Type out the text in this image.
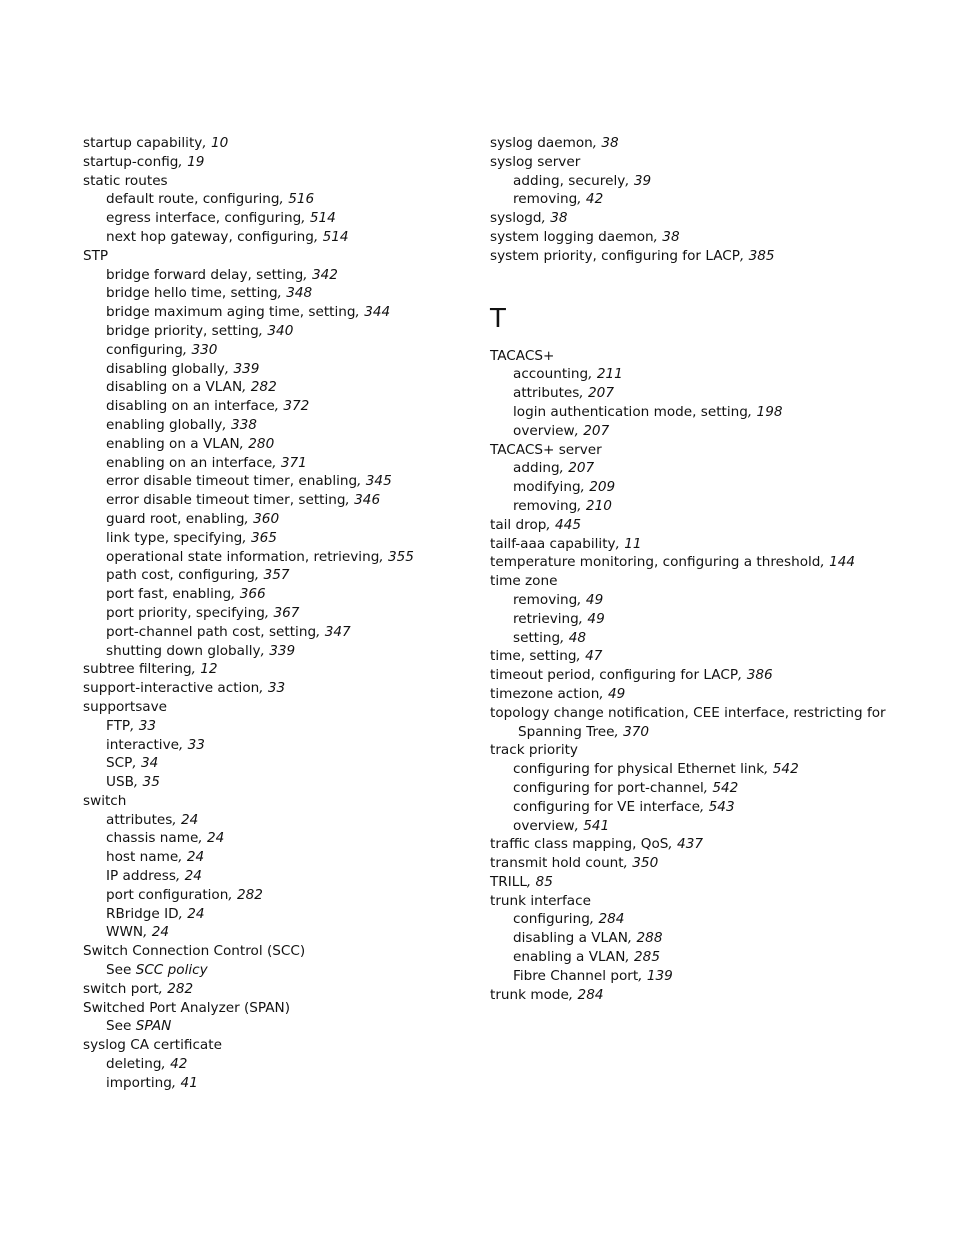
startup capability, 10
startup-config, 19
static routes
default route, configuring, 516
egress interface, configuring, 514
next hop gateway, configuring, 514
STP
bridge forward delay, setting, 342
bridge hello time, setting, 348
bridge maximum aging time, setting, 344
bridge priority, setting, 340
configuring, 330
disabling globally, 339
disabling on a VLAN, 282
disabling on an interface, 372
enabling globally, 338
enabling on a VLAN, 280
enabling on an interface, 371
error disable timeout timer, enabling, 345
error disable timeout timer, setting, 346
guard root, enabling, 360
link type, specifying, 365
operational state information, retrieving, 355
path cost, configuring, 357
port fast, enabling, 366
port priority, specifying, 367
port-channel path cost, setting, 347
shutting down globally, 339
subtree filtering, 12
support-interactive action, 33
supportsave
FTP, 33
interactive, 33
SCP, 34
USB, 35
switch
attributes, 24
chassis name, 24
host name, 24
IP address, 24
port configuration, 282
RBridge ID, 24
WWN, 24
Switch Connection Control (SCC)
See SCC policy
switch port, 282
Switched Port Analyzer (SPAN)
See SPAN
syslog CA certificate
deleting, 42
importing, 41
syslog daemon, 38
syslog server
adding, securely, 39
removing, 42
syslogd, 38
system logging daemon, 38
system priority, configuring for LACP, 385
T
TACACS+
accounting, 211
attributes, 207
login authentication mode, setting, 198
overview, 207
TACACS+ server
adding, 207
modifying, 209
removing, 210
tail drop, 445
tailf-aaa capability, 11
temperature monitoring, configuring a threshold, 144
time zone
removing, 49
retrieving, 49
setting, 48
time, setting, 47
timeout period, configuring for LACP, 386
timezone action, 49
topology change notification, CEE interface, restricting for
Spanning Tree, 370
track priority
configuring for physical Ethernet link, 542
configuring for port-channel, 542
configuring for VE interface, 543
overview, 541
traffic class mapping, QoS, 437
transmit hold count, 350
TRILL, 85
trunk interface
configuring, 284
disabling a VLAN, 288
enabling a VLAN, 285
Fibre Channel port, 139
trunk mode, 284
